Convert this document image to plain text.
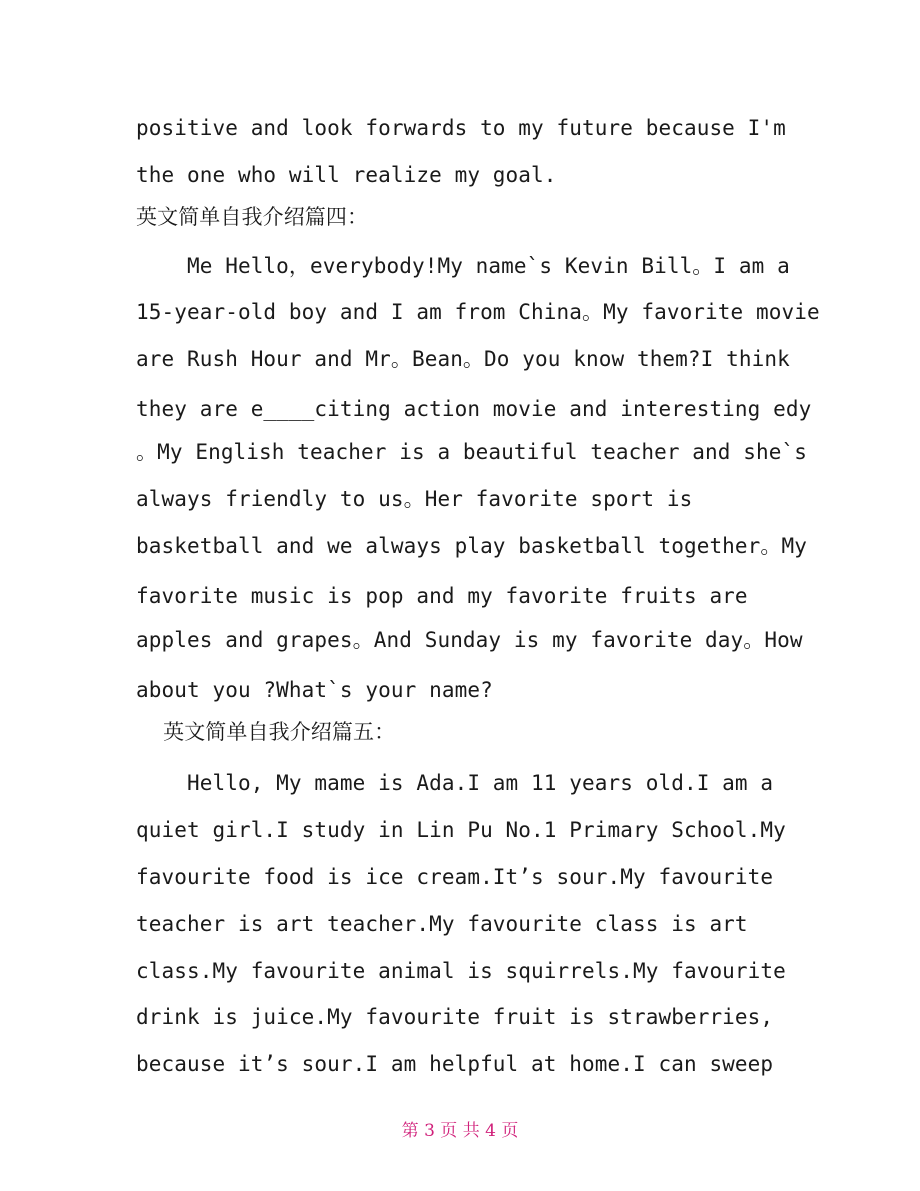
positive and look forwards to my future because I'm
the one who will realize my goal.
英文简单自我介绍篇四：
Me Hello，everybody!My name`s Kevin Bill。I am a
15-year-old boy and I am from China。My favorite movie
are Rush Hour and Mr。Bean。Do you know them?I think
they are e____citing action movie and interesting edy
。My English teacher is a beautiful teacher and she`s
always friendly to us。Her favorite sport is
basketball and we always play basketball together。My
favorite music is pop and my favorite fruits are
apples and grapes。And Sunday is my favorite day。How
about you ?What`s your name?
英文简单自我介绍篇五：
Hello, My mame is Ada.I am 11 years old.I am a
quiet girl.I study in Lin Pu No.1 Primary School.My
favourite food is ice cream.It’s sour.My favourite
teacher is art teacher.My favourite class is art
class.My favourite animal is squirrels.My favourite
drink is juice.My favourite fruit is strawberries,
because it’s sour.I am helpful at home.I can sweep
第 3 页 共 4 页
